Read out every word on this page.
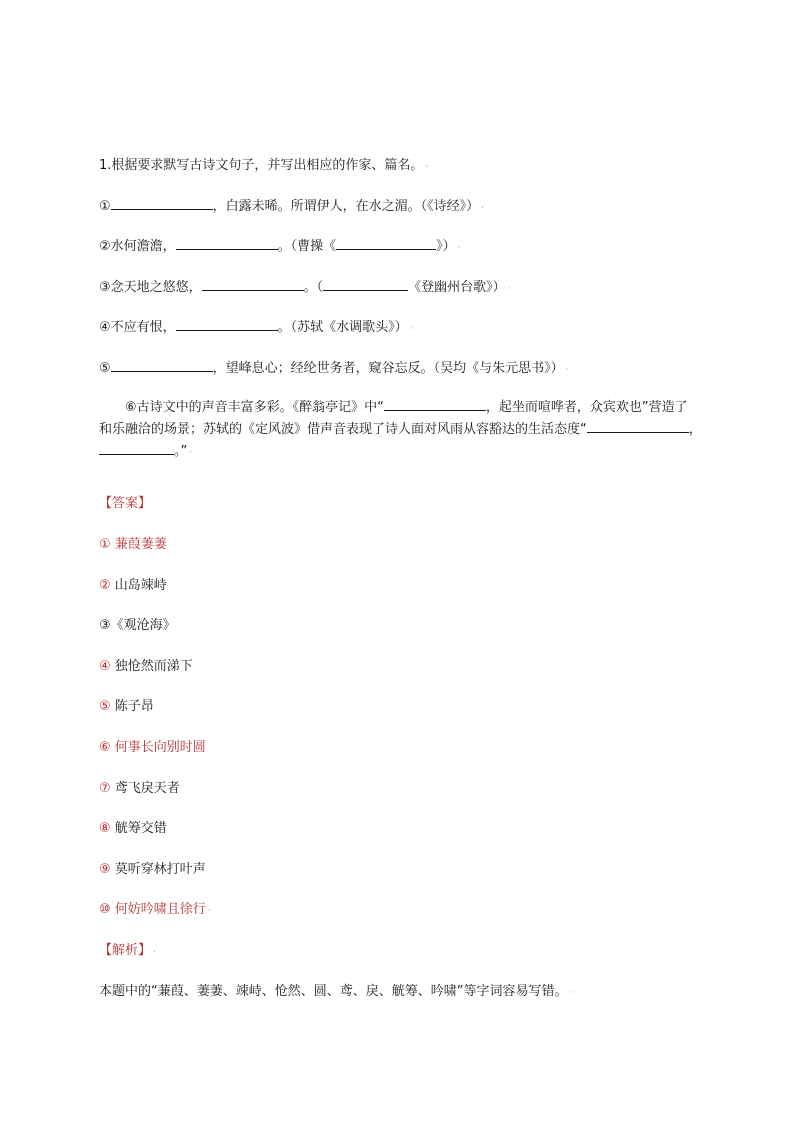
1.根据要求默写古诗文句子，并写出相应的作家、篇名。 ·
①	，白露未晞。所谓伊人，在水之湄。（《诗经》） ·
②水何澹澹，	。（曹操《	》） ·
③念天地之悠悠，	。（	《登幽州台歌》） ·
④不应有恨，	。（苏轼《水调歌头》） ·
⑤	，望峰息心；经纶世务者，窥谷忘反。（吴均《与朱元思书》） ·
⑥古诗文中的声音丰富多彩。《醉翁亭记》中“	，起坐而喧哗者，众宾欢也”营造了
和乐融洽的场景；苏轼的《定风波》借声音表现了诗人面对风雨从容豁达的生活态度“	，
。” ·
【答案】
① 蒹葭萋萋
② 山岛竦峙
③《观沧海》
④ 独怆然而涕下
⑤ 陈子昂
⑥ 何事长向别时圆
⑦ 鸢飞戾天者
⑧ 觥筹交错
⑨ 莫听穿林打叶声
⑩ 何妨吟啸且徐行 ·
【解析】 ·
本题中的“蒹葭、萋萋、竦峙、怆然、圆、鸢、戾、觥筹、吟啸”等字词容易写错。 ·
